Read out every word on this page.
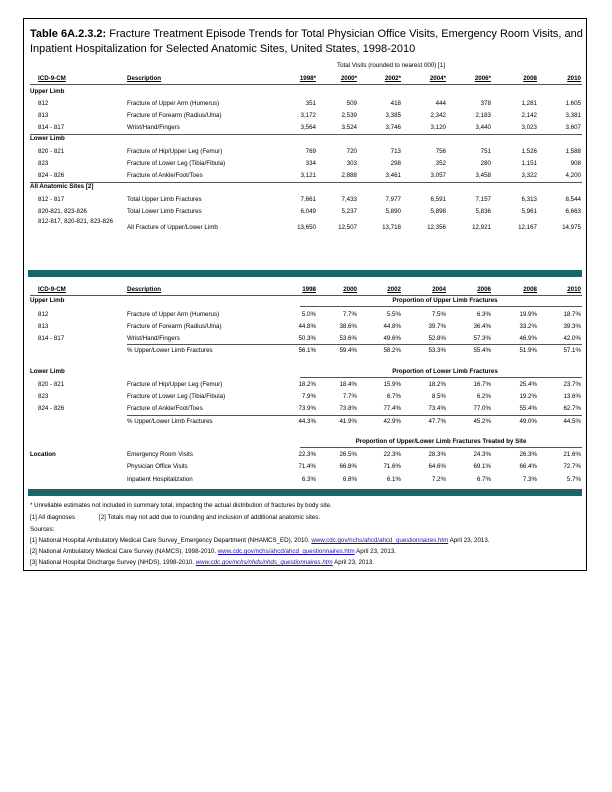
Table 6A.2.3.2: Fracture Treatment Episode Trends for Total Physician Office Visits, Emergency Room Visits, and Inpatient Hospitalization for Selected Anatomic Sites, United States, 1998-2010
Total Visits (rounded to nearest 000) [1]
ICD-9-CM	Description	1998*	2000*	2002*	2004*	2006*	2008	2010
Upper Limb
812	Fracture of Upper Arm (Humerus)	351	509	418	444	378	1,281	1,605
813	Fracture of Forearm (Radius/Ulna)	3,172	2,539	3,385	2,342	2,183	2,142	3,381
814 - 817	Wrist/Hand/Fingers	3,564	3,524	3,746	3,120	3,440	3,023	3,607
Lower Limb
820 - 821	Fracture of Hip/Upper Leg (Femur)	769	720	713	756	751	1,526	1,588
823	Fracture of Lower Leg (Tibia/Fibula)	334	303	298	352	280	1,151	908
824 - 826	Fracture of Ankle/Foot/Toes	3,121	2,888	3,461	3,057	3,458	3,322	4,200
All Anatomic Sites [2]
812 - 817	Total Upper Limb Fractures	7,661	7,433	7,977	6,591	7,157	6,313	8,544
820-821, 823-826	Total Lower Limb Fractures	6,049	5,237	5,890	5,898	5,836	5,961	6,663
812-817, 820-821, 823-826
All Fracture of Upper/Lower Limb	13,650	12,507	13,718	12,356	12,921	12,167	14,975
ICD-9-CM	Description	1998	2000	2002	2004	2006	2008	2010
Upper Limb	Proportion of Upper Limb Fractures
812	Fracture of Upper Arm (Humerus)	5.0%	7.7%	5.5%	7.5%	6.3%	19.9%	18.7%
813	Fracture of Forearm (Radius/Ulna)	44.8%	38.6%	44.8%	39.7%	36.4%	33.2%	39.3%
814 - 817	Wrist/Hand/Fingers	50.3%	53.6%	49.6%	52.8%	57.3%	46.9%	42.0%
% Upper/Lower Limb Fractures	56.1%	59.4%	58.2%	53.3%	55.4%	51.9%	57.1%
Lower Limb	Proportion of Lower Limb Fractures
820 - 821	Fracture of Hip/Upper Leg (Femur)	18.2%	18.4%	15.9%	18.2%	16.7%	25.4%	23.7%
823	Fracture of Lower Leg (Tibia/Fibula)	7.9%	7.7%	6.7%	8.5%	6.2%	19.2%	13.6%
824 - 826	Fracture of Ankle/Foot/Toes	73.9%	73.8%	77.4%	73.4%	77.0%	55.4%	62.7%
% Upper/Lower Limb Fractures	44.3%	41.9%	42.9%	47.7%	45.2%	49.0%	44.5%
Proportion of Upper/Lower Limb Fractures Treated by Site
Location	Emergency Room Visits	22.3%	26.5%	22.3%	28.3%	24.3%	26.3%	21.6%
Physician Office Visits	71.4%	66.8%	71.6%	64.6%	69.1%	66.4%	72.7%
Inpatient Hospitalization	6.3%	6.8%	6.1%	7.2%	6.7%	7.3%	5.7%
* Unreliable estimates not included in summary total, impacting the actual distribution of fractures by body site.
[1] All diagnoses	[2] Totals may not add due to rounding and inclusion of additional anatomic sites.
Sources:
[1] National Hospital Ambulatory Medical Care Survey_Emergency Department (NHAMCS_ED), 2010. www.cdc.gov/nchs/ahcd/ahcd_questionnaires.htm April 23, 2013.
[2] National Ambulatory Medical Care Survey (NAMCS), 1998-2010. www.cdc.gov/nchs/ahcd/ahcd_questionnaires.htm April 23, 2013.
[3] National Hospital Discharge Survey (NHDS), 1998-2010. www.cdc.gov/nchs/nhds/nhds_questionnaires.htm April 23, 2013.
